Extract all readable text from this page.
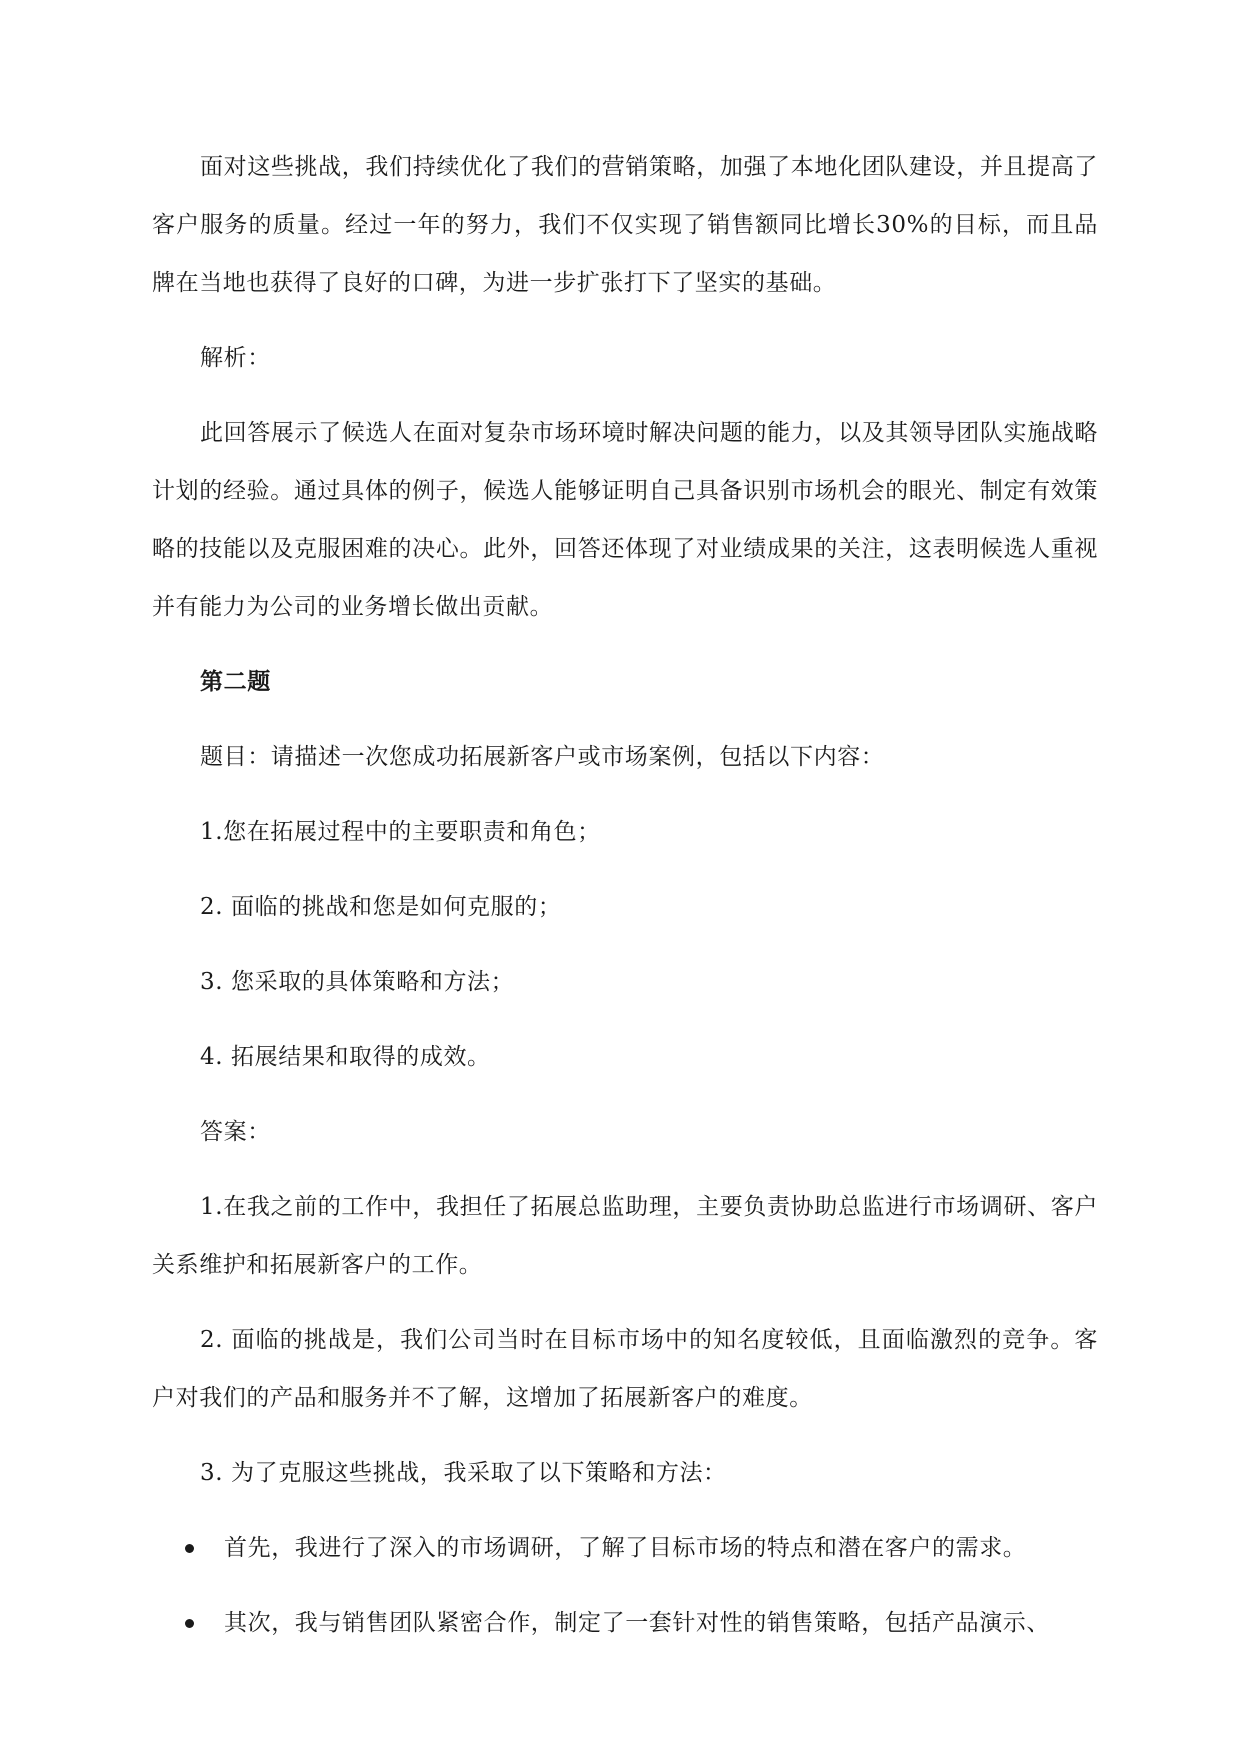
面对这些挑战，我们持续优化了我们的营销策略，加强了本地化团队建设，并且提高了客户服务的质量。经过一年的努力，我们不仅实现了销售额同比增长30%的目标，而且品牌在当地也获得了良好的口碑，为进一步扩张打下了坚实的基础。

解析：

此回答展示了候选人在面对复杂市场环境时解决问题的能力，以及其领导团队实施战略计划的经验。通过具体的例子，候选人能够证明自己具备识别市场机会的眼光、制定有效策略的技能以及克服困难的决心。此外，回答还体现了对业绩成果的关注，这表明候选人重视并有能力为公司的业务增长做出贡献。

第二题

题目：请描述一次您成功拓展新客户或市场案例，包括以下内容：

1.您在拓展过程中的主要职责和角色；

2. 面临的挑战和您是如何克服的；

3. 您采取的具体策略和方法；

4. 拓展结果和取得的成效。

答案：

1.在我之前的工作中，我担任了拓展总监助理，主要负责协助总监进行市场调研、客户关系维护和拓展新客户的工作。

2. 面临的挑战是，我们公司当时在目标市场中的知名度较低，且面临激烈的竞争。客户对我们的产品和服务并不了解，这增加了拓展新客户的难度。

3. 为了克服这些挑战，我采取了以下策略和方法：

首先，我进行了深入的市场调研，了解了目标市场的特点和潜在客户的需求。
其次，我与销售团队紧密合作，制定了一套针对性的销售策略，包括产品演示、
